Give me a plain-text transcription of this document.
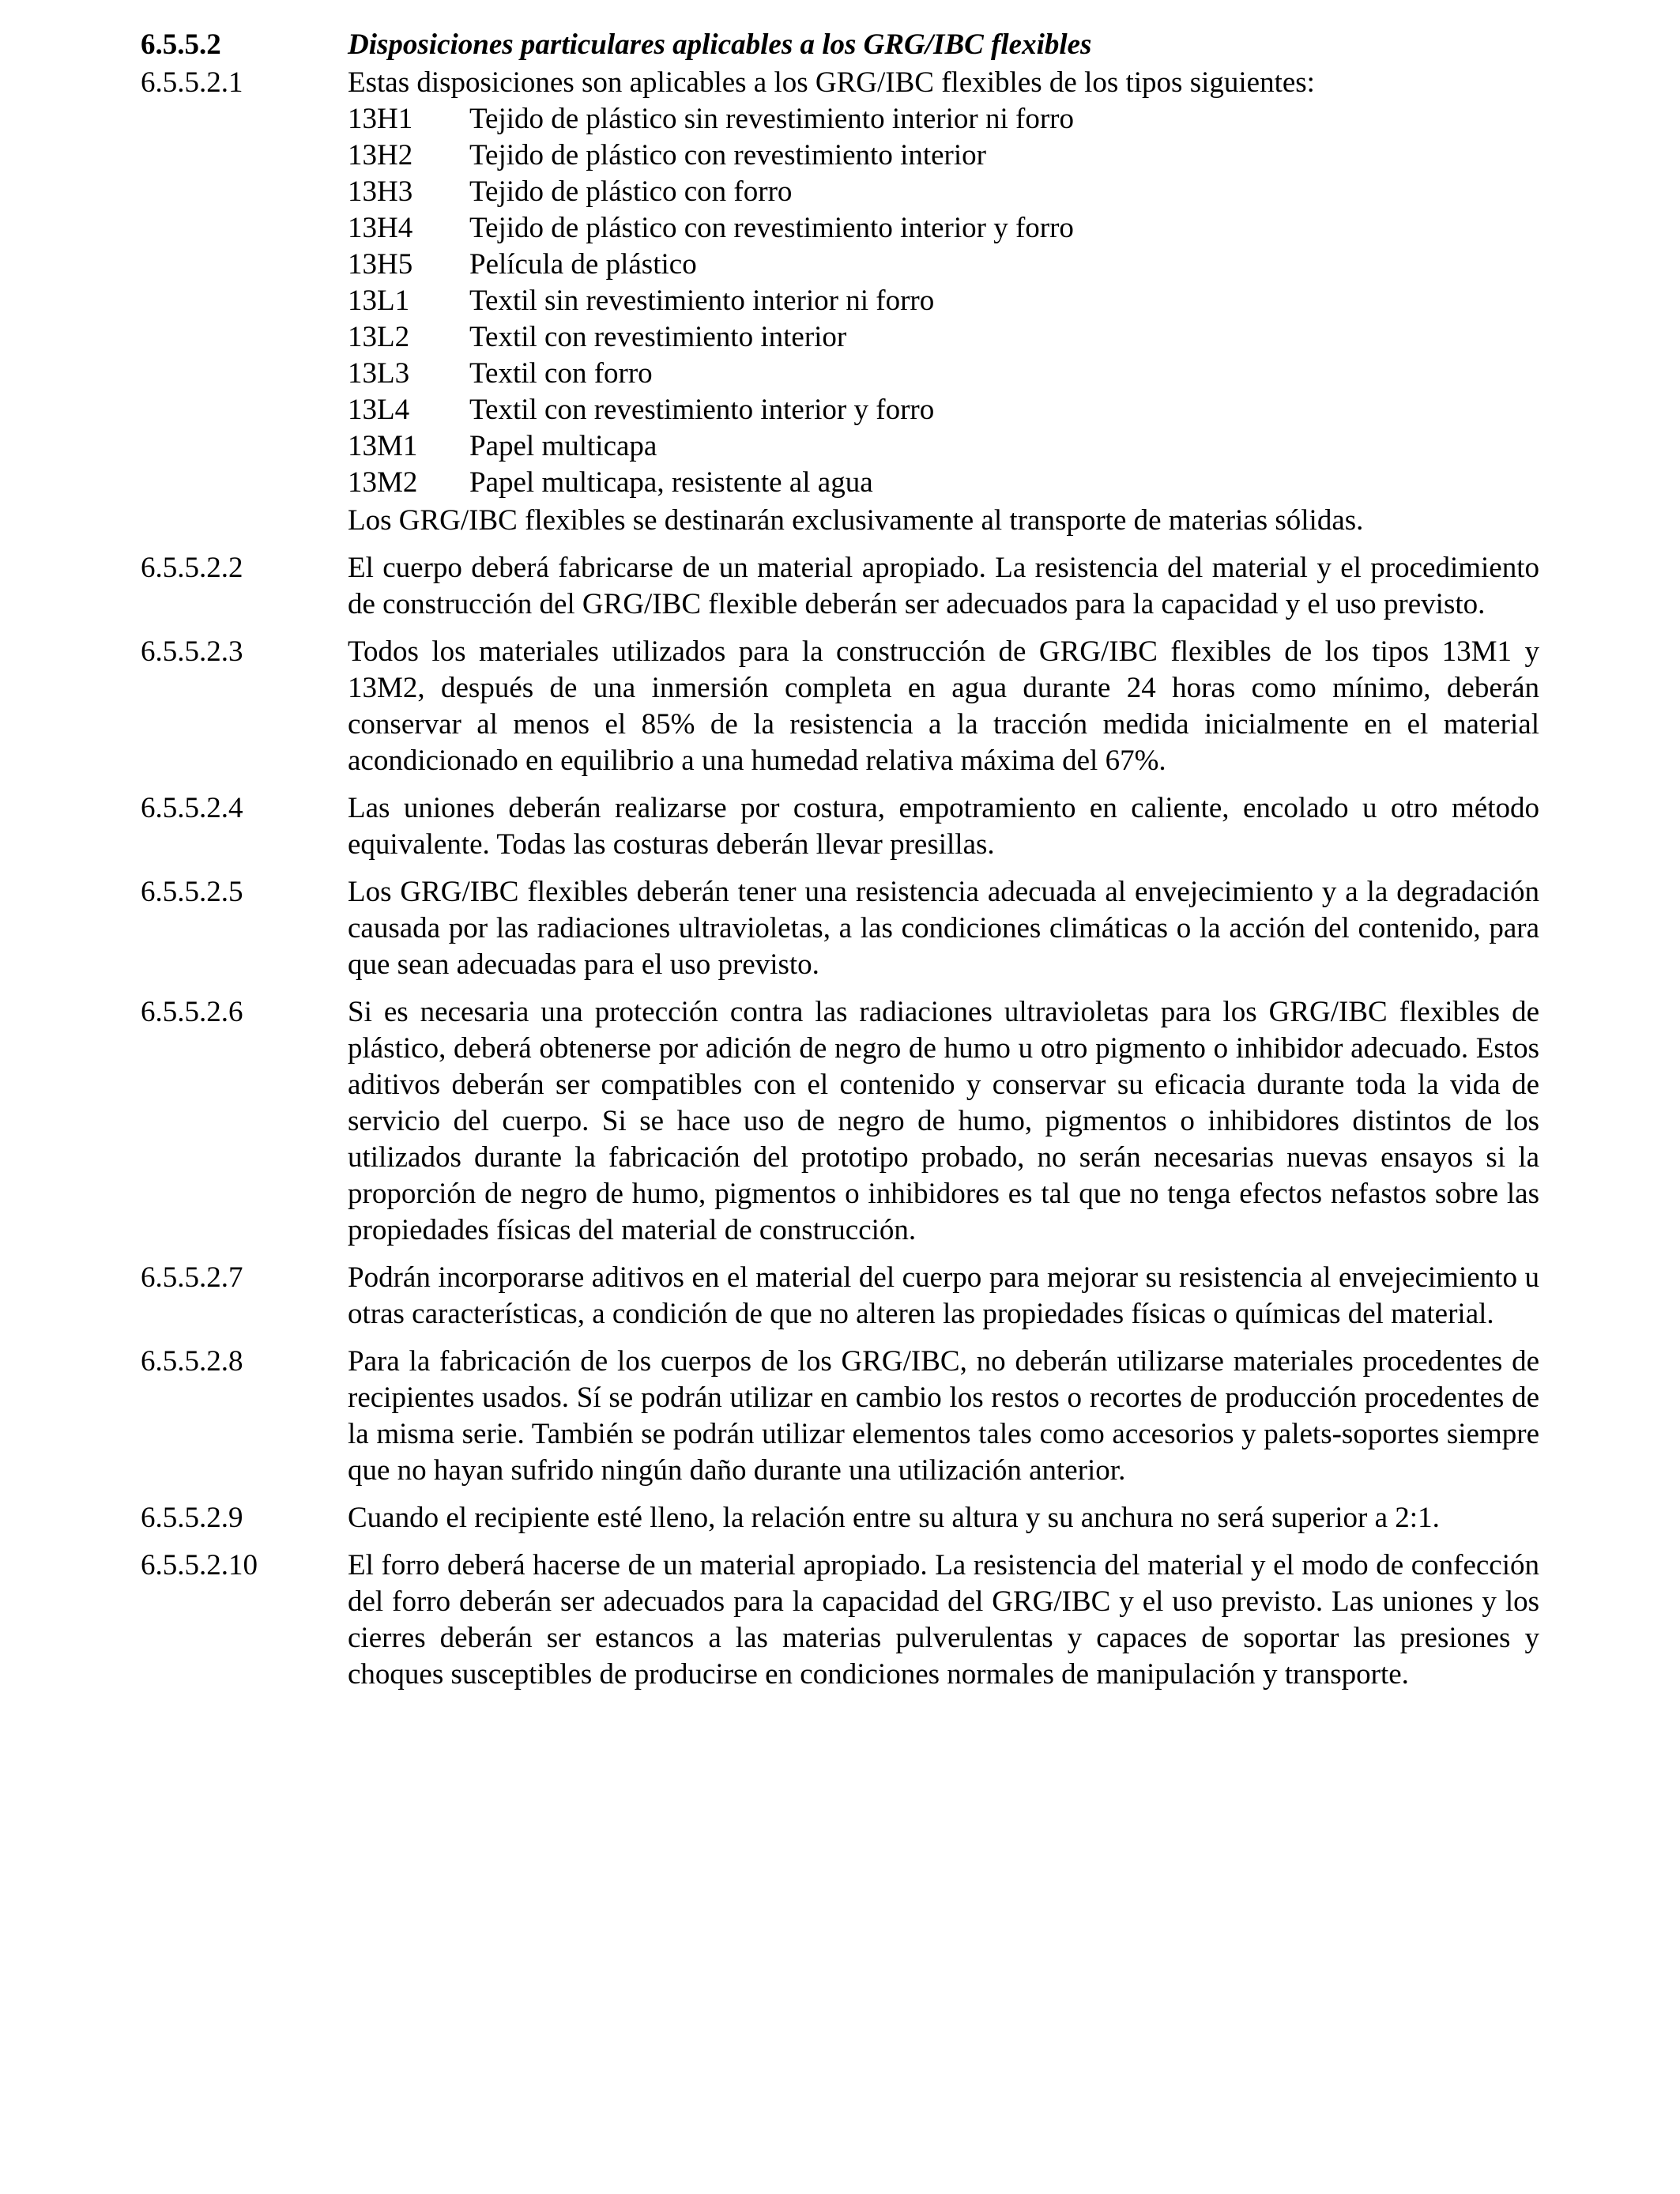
6.5.5.2	Disposiciones particulares aplicables a los GRG/IBC flexibles
6.5.5.2.1	Estas disposiciones son aplicables a los GRG/IBC flexibles de los tipos siguientes:
13H1	Tejido de plástico sin revestimiento interior ni forro
13H2	Tejido de plástico con revestimiento interior
13H3	Tejido de plástico con forro
13H4	Tejido de plástico con revestimiento interior y forro
13H5	Película de plástico
13L1	Textil sin revestimiento interior ni forro
13L2	Textil con revestimiento interior
13L3	Textil con forro
13L4	Textil con revestimiento interior y forro
13M1	Papel multicapa
13M2	Papel multicapa, resistente al agua
Los GRG/IBC flexibles se destinarán exclusivamente al transporte de materias sólidas.
6.5.5.2.2	El cuerpo deberá fabricarse de un material apropiado. La resistencia del material y el procedimiento de construcción del GRG/IBC flexible deberán ser adecuados para la capacidad y el uso previsto.
6.5.5.2.3	Todos los materiales utilizados para la construcción de GRG/IBC flexibles de los tipos 13M1 y 13M2, después de una inmersión completa en agua durante 24 horas como mínimo, deberán conservar al menos el 85% de la resistencia a la tracción medida inicialmente en el material acondicionado en equilibrio a una humedad relativa máxima del 67%.
6.5.5.2.4	Las uniones deberán realizarse por costura, empotramiento en caliente, encolado u otro método equivalente. Todas las costuras deberán llevar presillas.
6.5.5.2.5	Los GRG/IBC flexibles deberán tener una resistencia adecuada al envejecimiento y a la degradación causada por las radiaciones ultravioletas, a las condiciones climáticas o la acción del contenido, para que sean adecuadas para el uso previsto.
6.5.5.2.6	Si es necesaria una protección contra las radiaciones ultravioletas para los GRG/IBC flexibles de plástico, deberá obtenerse por adición de negro de humo u otro pigmento o inhibidor adecuado. Estos aditivos deberán ser compatibles con el contenido y conservar su eficacia durante toda la vida de servicio del cuerpo. Si se hace uso de negro de humo, pigmentos o inhibidores distintos de los utilizados durante la fabricación del prototipo probado, no serán necesarias nuevas ensayos si la proporción de negro de humo, pigmentos o inhibidores es tal que no tenga efectos nefastos sobre las propiedades físicas del material de construcción.
6.5.5.2.7	Podrán incorporarse aditivos en el material del cuerpo para mejorar su resistencia al envejecimiento u otras características, a condición de que no alteren las propiedades físicas o químicas del material.
6.5.5.2.8	Para la fabricación de los cuerpos de los GRG/IBC, no deberán utilizarse materiales procedentes de recipientes usados. Sí se podrán utilizar en cambio los restos o recortes de producción procedentes de la misma serie. También se podrán utilizar elementos tales como accesorios y palets-soportes siempre que no hayan sufrido ningún daño durante una utilización anterior.
6.5.5.2.9	Cuando el recipiente esté lleno, la relación entre su altura y su anchura no será superior a 2:1.
6.5.5.2.10	El forro deberá hacerse de un material apropiado. La resistencia del material y el modo de confección del forro deberán ser adecuados para la capacidad del GRG/IBC y el uso previsto. Las uniones y los cierres deberán ser estancos a las materias pulverulentas y capaces de soportar las presiones y choques susceptibles de producirse en condiciones normales de manipulación y transporte.
